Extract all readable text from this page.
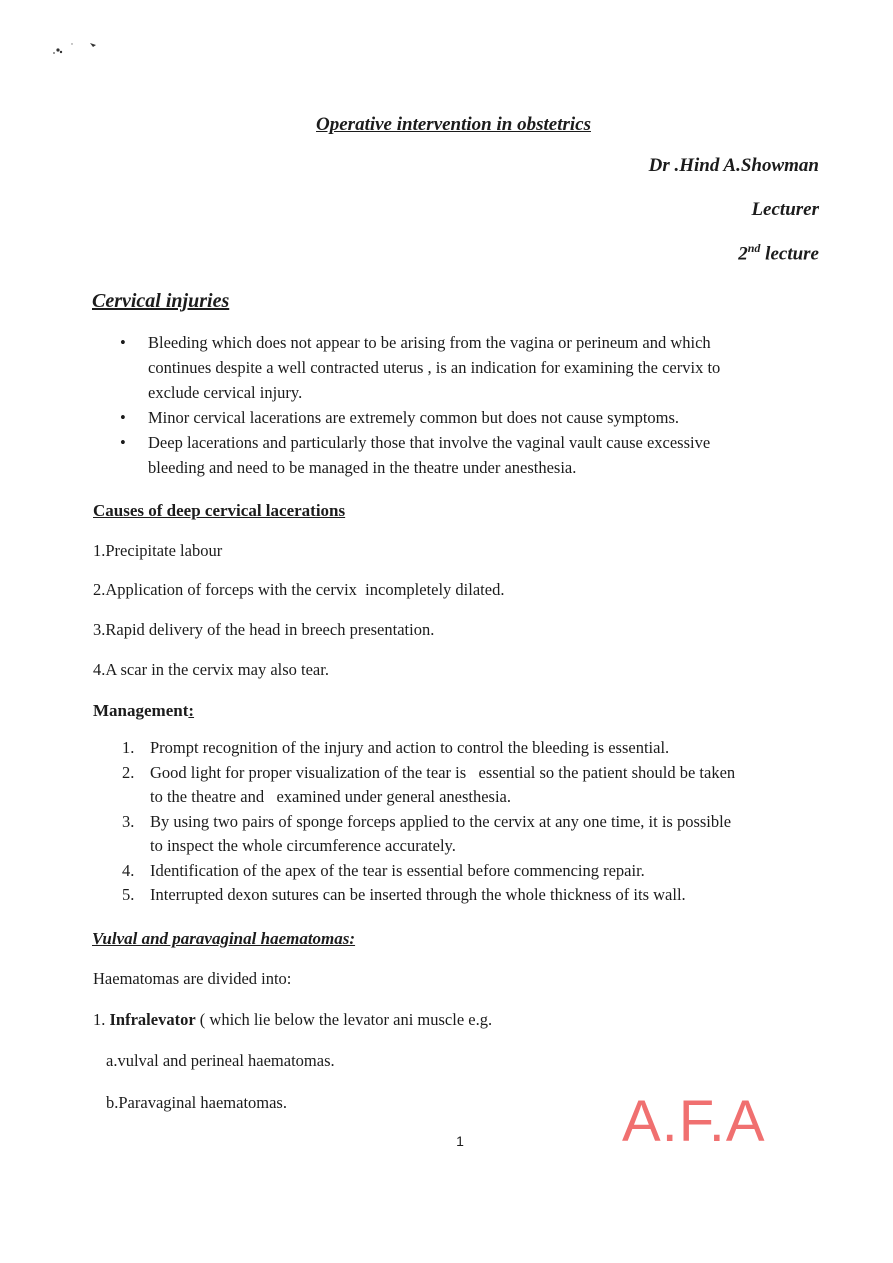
Operative intervention in obstetrics
Dr .Hind A.Showman
Lecturer
2nd lecture
Cervical injuries
• Bleeding which does not appear to be arising from the vagina or perineum and which
continues despite a well contracted uterus , is an indication for examining the cervix to
exclude cervical injury.
• Minor cervical lacerations are extremely common but does not cause symptoms.
• Deep lacerations and particularly those that involve the vaginal vault cause excessive
bleeding and need to be managed in the theatre under anesthesia.
Causes of deep cervical lacerations
1.Precipitate labour
2.Application of forceps with the cervix  incompletely dilated.
3.Rapid delivery of the head in breech presentation.
4.A scar in the cervix may also tear.
Management:
1. Prompt recognition of the injury and action to control the bleeding is essential.
2. Good light for proper visualization of the tear is   essential so the patient should be taken
to the theatre and   examined under general anesthesia.
3. By using two pairs of sponge forceps applied to the cervix at any one time, it is possible
to inspect the whole circumference accurately.
4. Identification of the apex of the tear is essential before commencing repair.
5. Interrupted dexon sutures can be inserted through the whole thickness of its wall.
Vulval and paravaginal haematomas:
Haematomas are divided into:
1. Infralevator ( which lie below the levator ani muscle e.g.
a.vulval and perineal haematomas.
b.Paravaginal haematomas.
1	A.F.A
